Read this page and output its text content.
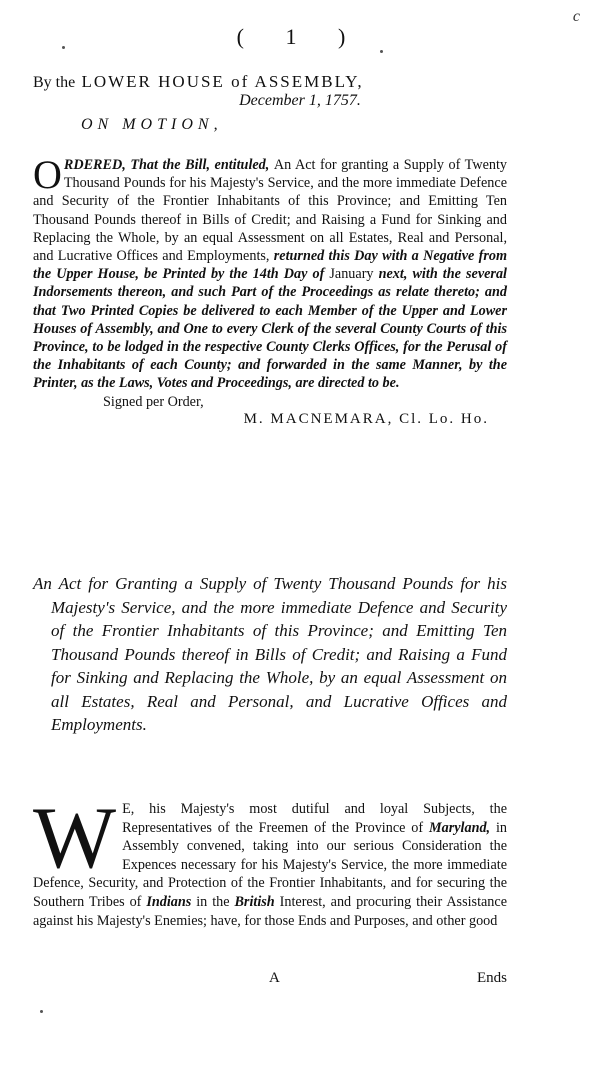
c
( 1 )
By the LOWER HOUSE of ASSEMBLY,
December 1, 1757.
ON MOTION,
ORDERED, That the Bill, entituled, An Act for granting a Supply of Twenty Thousand Pounds for his Majesty's Service, and the more immediate Defence and Security of the Frontier Inhabitants of this Province; and Emitting Ten Thousand Pounds thereof in Bills of Credit; and Raising a Fund for Sinking and Replacing the Whole, by an equal Assessment on all Estates, Real and Personal, and Lucrative Offices and Employments, returned this Day with a Negative from the Upper House, be Printed by the 14th Day of January next, with the several Indorsements thereon, and such Part of the Proceedings as relate thereto; and that Two Printed Copies be delivered to each Member of the Upper and Lower Houses of Assembly, and One to every Clerk of the several County Courts of this Province, to be lodged in the respective County Clerks Offices, for the Perusal of the Inhabitants of each County; and forwarded in the same Manner, by the Printer, as the Laws, Votes and Proceedings, are directed to be.
Signed per Order,
M. MACNEMARA, Cl. Lo. Ho.
An Act for Granting a Supply of Twenty Thousand Pounds for his Majesty's Service, and the more immediate Defence and Security of the Frontier Inhabitants of this Province; and Emitting Ten Thousand Pounds thereof in Bills of Credit; and Raising a Fund for Sinking and Replacing the Whole, by an equal Assessment on all Estates, Real and Personal, and Lucrative Offices and Employments.
W E, his Majesty's most dutiful and loyal Subjects, the Representatives of the Freemen of the Province of Maryland, in Assembly convened, taking into our serious Consideration the Expences necessary for his Majesty's Service, the more immediate Defence, Security, and Protection of the Frontier Inhabitants, and for securing the Southern Tribes of Indians in the British Interest, and procuring their Assistance against his Majesty's Enemies; have, for those Ends and Purposes, and other good
A	Ends
